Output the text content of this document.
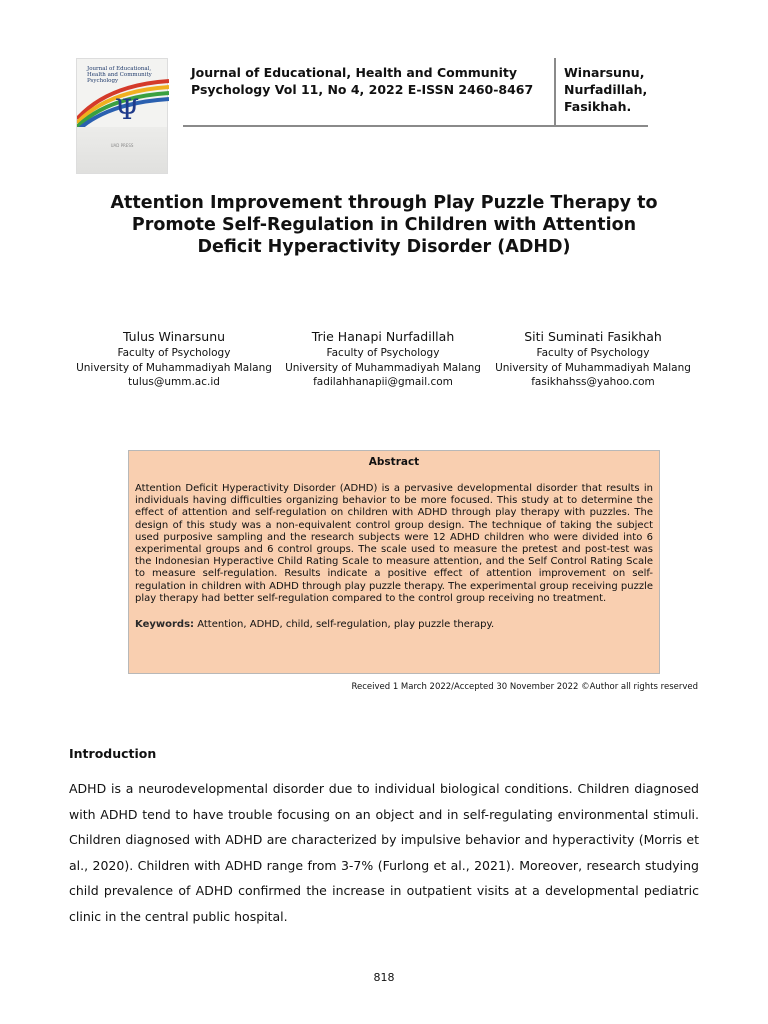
Journal of Educational, Health and Community Psychology
Ψ
UAD PRESS
Journal of Educational, Health and Community
Psychology Vol 11, No 4, 2022 E-ISSN 2460-8467
Winarsunu,
Nurfadillah,
Fasikhah.
Attention Improvement through Play Puzzle Therapy to
Promote Self-Regulation in Children with Attention
Deficit Hyperactivity Disorder (ADHD)
Tulus Winarsunu
Faculty of Psychology
University of Muhammadiyah Malang
tulus@umm.ac.id
Trie Hanapi Nurfadillah
Faculty of Psychology
University of Muhammadiyah Malang
fadilahhanapii@gmail.com
Siti Suminati Fasikhah
Faculty of Psychology
University of Muhammadiyah Malang
fasikhahss@yahoo.com
Abstract
Attention Deficit Hyperactivity Disorder (ADHD) is a pervasive developmental disorder that results in individuals having difficulties organizing behavior to be more focused. This study at to determine the effect of attention and self-regulation on children with ADHD through play therapy with puzzles. The design of this study was a non-equivalent control group design. The technique of taking the subject used purposive sampling and the research subjects were 12 ADHD children who were divided into 6 experimental groups and 6 control groups. The scale used to measure the pretest and post-test was the Indonesian Hyperactive Child Rating Scale to measure attention, and the Self Control Rating Scale to measure self-regulation. Results indicate a positive effect of attention improvement on self-regulation in children with ADHD through play puzzle therapy. The experimental group receiving puzzle play therapy had better self-regulation compared to the control group receiving no treatment.
Keywords: Attention, ADHD, child, self-regulation, play puzzle therapy.
Received 1 March 2022/Accepted 30 November 2022 ©Author all rights reserved
Introduction
ADHD is a neurodevelopmental disorder due to individual biological conditions. Children diagnosed with ADHD tend to have trouble focusing on an object and in self-regulating environmental stimuli. Children diagnosed with ADHD are characterized by impulsive behavior and hyperactivity (Morris et al., 2020). Children with ADHD range from 3-7% (Furlong et al., 2021). Moreover, research studying child prevalence of ADHD confirmed the increase in outpatient visits at a developmental pediatric clinic in the central public hospital.
818
